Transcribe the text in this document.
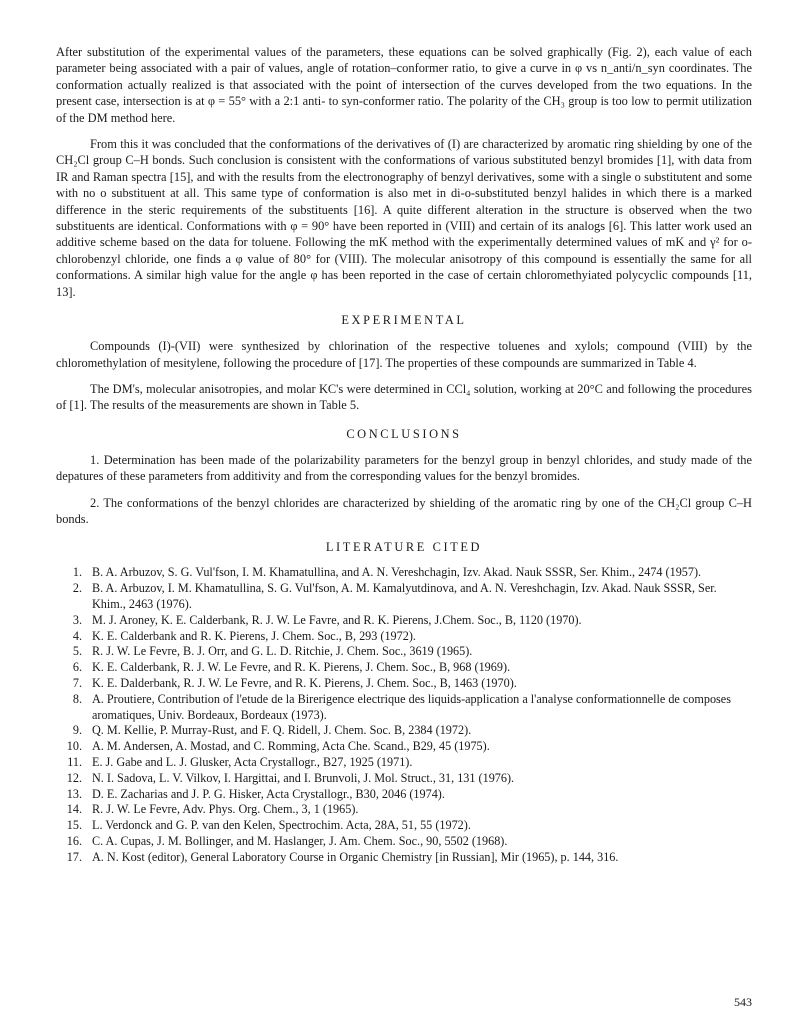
After substitution of the experimental values of the parameters, these equations can be solved graphically (Fig. 2), each value of each parameter being associated with a pair of values, angle of rotation–conformer ratio, to give a curve in φ vs n_anti/n_syn coordinates. The conformation actually realized is that associated with the point of intersection of the curves developed from the two equations. In the present case, intersection is at φ = 55° with a 2:1 anti- to syn-conformer ratio. The polarity of the CH₃ group is too low to permit utilization of the DM method here.

From this it was concluded that the conformations of the derivatives of (I) are characterized by aromatic ring shielding by one of the CH₂Cl group C–H bonds. Such conclusion is consistent with the conformations of various substituted benzyl bromides [1], with data from IR and Raman spectra [15], and with the results from the electronography of benzyl derivatives, some with a single o substitutent and some with no o substituent at all. This same type of conformation is also met in di-o-substituted benzyl halides in which there is a marked difference in the steric requirements of the substituents [16]. A quite different alteration in the structure is observed when the two substituents are identical. Conformations with φ = 90° have been reported in (VIII) and certain of its analogs [6]. This latter work used an additive scheme based on the data for toluene. Following the mK method with the experimentally determined values of mK and γ² for o-chlorobenzyl chloride, one finds a φ value of 80° for (VIII). The molecular anisotropy of this compound is essentially the same for all conformations. A similar high value for the angle φ has been reported in the case of certain chloromethyiated polycyclic compounds [11, 13].

EXPERIMENTAL

Compounds (I)-(VII) were synthesized by chlorination of the respective toluenes and xylols; compound (VIII) by the chloromethylation of mesitylene, following the procedure of [17]. The properties of these compounds are summarized in Table 4.

The DM's, molecular anisotropies, and molar KC's were determined in CCl₄ solution, working at 20°C and following the procedures of [1]. The results of the measurements are shown in Table 5.

CONCLUSIONS

1. Determination has been made of the polarizability parameters for the benzyl group in benzyl chlorides, and study made of the depatures of these parameters from additivity and from the corresponding values for the benzyl bromides.

2. The conformations of the benzyl chlorides are characterized by shielding of the aromatic ring by one of the CH₂Cl group C–H bonds.

LITERATURE CITED
1. B. A. Arbuzov, S. G. Vul'fson, I. M. Khamatullina, and A. N. Vereshchagin, Izv. Akad. Nauk SSSR, Ser. Khim., 2474 (1957).
2. B. A. Arbuzov, I. M. Khamatullina, S. G. Vul'fson, A. M. Kamalyutdinova, and A. N. Vereshchagin, Izv. Akad. Nauk SSSR, Ser. Khim., 2463 (1976).
3. M. J. Aroney, K. E. Calderbank, R. J. W. Le Favre, and R. K. Pierens, J.Chem. Soc., B, 1120 (1970).
4. K. E. Calderbank and R. K. Pierens, J. Chem. Soc., B, 293 (1972).
5. R. J. W. Le Fevre, B. J. Orr, and G. L. D. Ritchie, J. Chem. Soc., 3619 (1965).
6. K. E. Calderbank, R. J. W. Le Fevre, and R. K. Pierens, J. Chem. Soc., B, 968 (1969).
7. K. E. Dalderbank, R. J. W. Le Fevre, and R. K. Pierens, J. Chem. Soc., B, 1463 (1970).
8. A. Proutiere, Contribution of l'etude de la Birerigence electrique des liquids-application a l'analyse conformationnelle de composes aromatiques, Univ. Bordeaux, Bordeaux (1973).
9. Q. M. Kellie, P. Murray-Rust, and F. Q. Ridell, J. Chem. Soc. B, 2384 (1972).
10. A. M. Andersen, A. Mostad, and C. Romming, Acta Che. Scand., B29, 45 (1975).
11. E. J. Gabe and L. J. Glusker, Acta Crystallogr., B27, 1925 (1971).
12. N. I. Sadova, L. V. Vilkov, I. Hargittai, and I. Brunvoli, J. Mol. Struct., 31, 131 (1976).
13. D. E. Zacharias and J. P. G. Hisker, Acta Crystallogr., B30, 2046 (1974).
14. R. J. W. Le Fevre, Adv. Phys. Org. Chem., 3, 1 (1965).
15. L. Verdonck and G. P. van den Kelen, Spectrochim. Acta, 28A, 51, 55 (1972).
16. C. A. Cupas, J. M. Bollinger, and M. Haslanger, J. Am. Chem. Soc., 90, 5502 (1968).
17. A. N. Kost (editor), General Laboratory Course in Organic Chemistry [in Russian], Mir (1965), p. 144, 316.
543
